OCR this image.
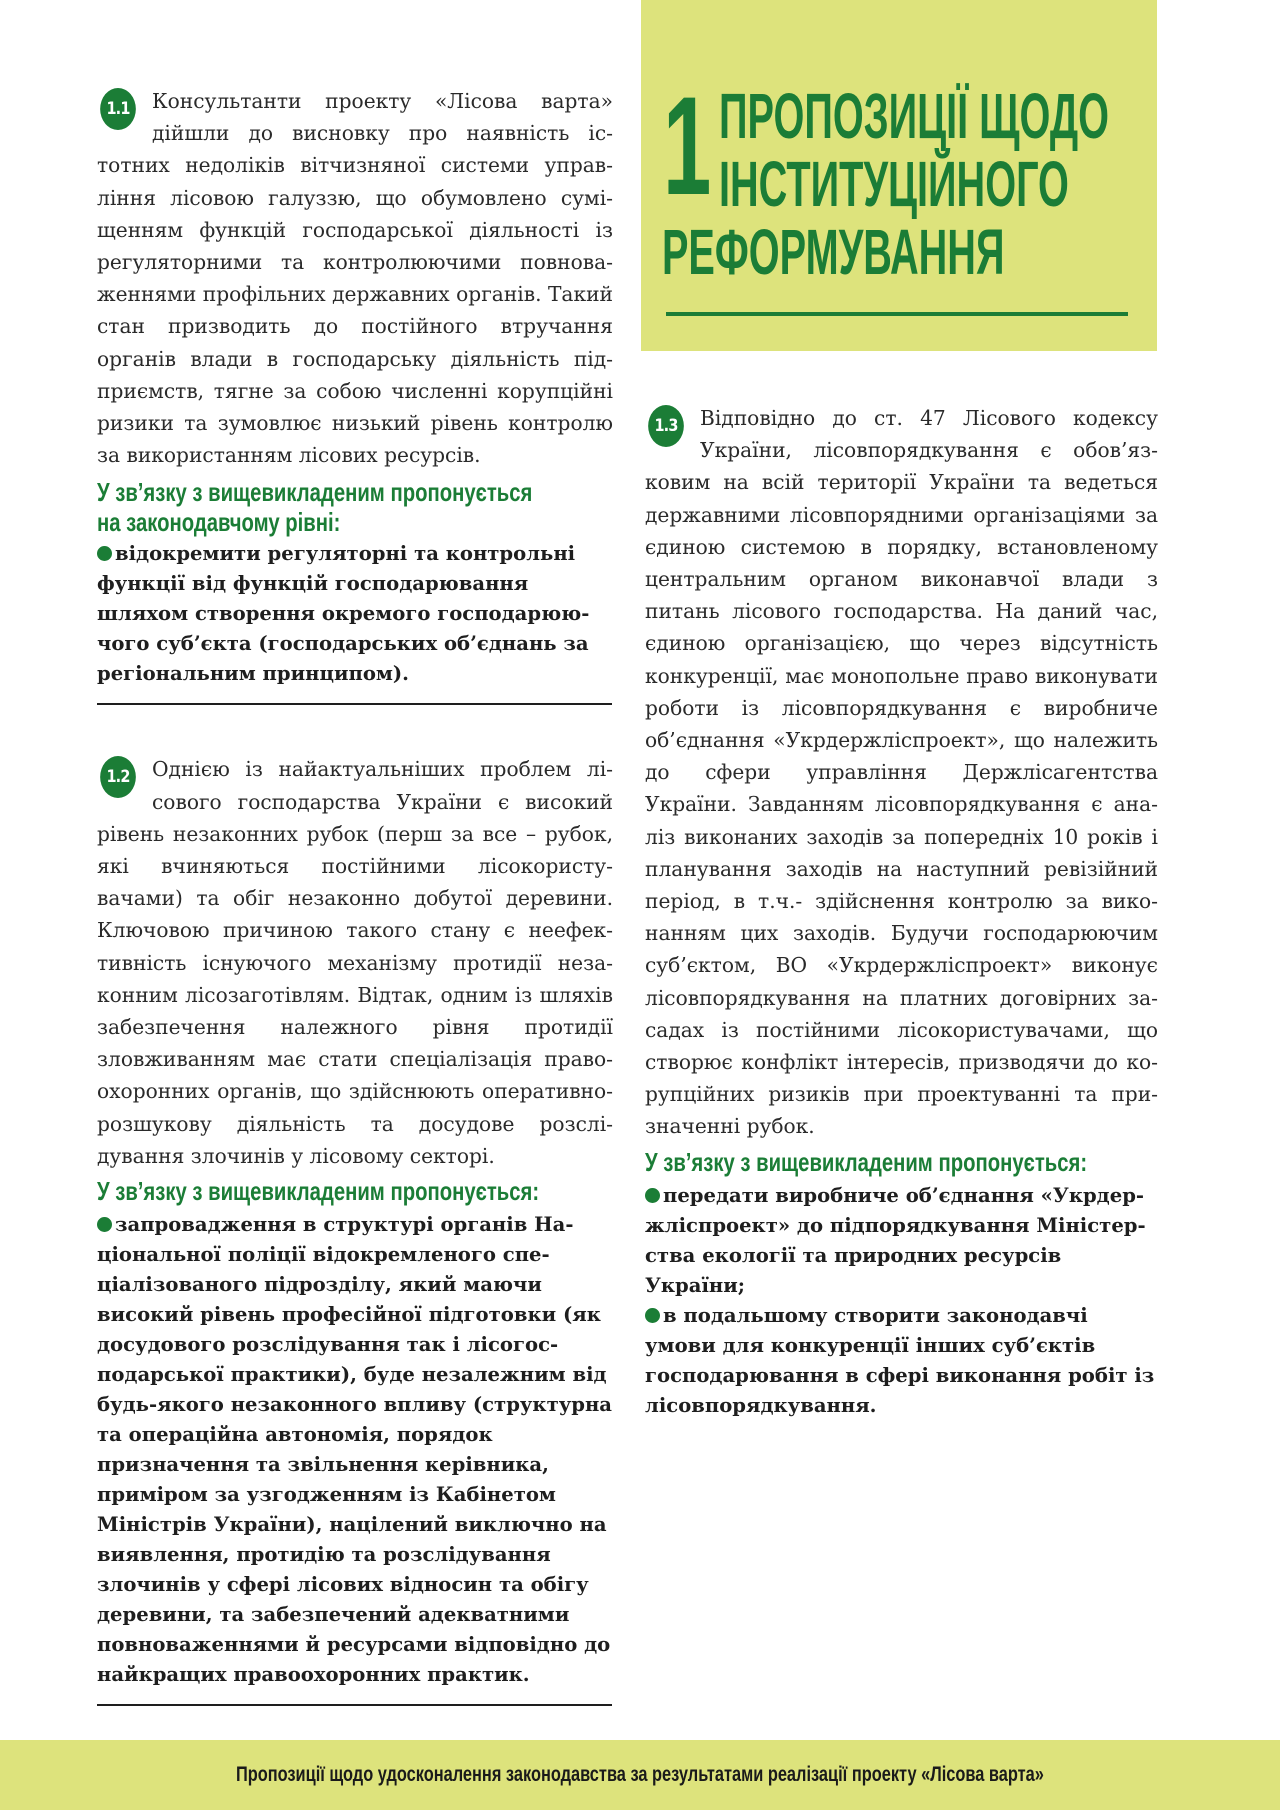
1 ПРОПОЗИЦІЇ ЩОДО
ІНСТИТУЦІЙНОГО
РЕФОРМУВАННЯ

1.1	Консультанти проекту «Лісова варта» дійшли до висновку про наявність істотних недоліків вітчизняної системи управління лісовою галуззю, що обумовлено суміщенням функцій господарської діяльності із регуляторними та контролюючими повноваженнями профільних державних органів. Такий стан призводить до постійного втручання органів влади в господарську діяльність підприємств, тягне за собою численні корупційні ризики та зумовлює низький рівень контролю за використанням лісових ресурсів.

У зв’язку з вищевикладеним пропонується
на законодавчому рівні:
відокремити регуляторні та контрольні функції від функцій господарювання шляхом створення окремого господарюючого суб’єкта (господарських об’єднань за регіональним принципом).

1.2	Однією із найактуальніших проблем лісового господарства України є високий рівень незаконних рубок (перш за все – рубок, які вчиняються постійними лісокористувачами) та обіг незаконно добутої деревини. Ключовою причиною такого стану є неефективність існуючого механізму протидії незаконним лісозаготівлям. Відтак, одним із шляхів забезпечення належного рівня протидії зловживанням має стати спеціалізація правоохоронних органів, що здійснюють оперативно-розшукову діяльність та досудове розслідування злочинів у лісовому секторі.

У зв’язку з вищевикладеним пропонується:
запровадження в структурі органів Національної поліції відокремленого спеціалізованого підрозділу, який маючи високий рівень професійної підготовки (як досудового розслідування так і лісогосподарської практики), буде незалежним від будь-якого незаконного впливу (структурна та операційна автономія, порядок призначення та звільнення керівника, приміром за узгодженням із Кабінетом Міністрів України), націлений виключно на виявлення, протидію та розслідування злочинів у сфері лісових відносин та обігу деревини, та забезпечений адекватними повноваженнями й ресурсами відповідно до найкращих правоохоронних практик.

1.3	Відповідно до ст. 47 Лісового кодексу України, лісовпорядкування є обов’язковим на всій території України та ведеться державними лісовпорядними організаціями за єдиною системою в порядку, встановленому центральним органом виконавчої влади з питань лісового господарства. На даний час, єдиною організацією, що через відсутність конкуренції, має монопольне право виконувати роботи із лісовпорядкування є виробниче об’єднання «Укрдержліспроект», що належить до сфери управління Держлісагентства України. Завданням лісовпорядкування є аналіз виконаних заходів за попередніх 10 років і планування заходів на наступний ревізійний період, в т.ч.- здійснення контролю за виконанням цих заходів. Будучи господарюючим суб’єктом, ВО «Укрдержліспроект» виконує лісовпорядкування на платних договірних засадах із постійними лісокористувачами, що створює конфлікт інтересів, призводячи до корупційних ризиків при проектуванні та призначенні рубок.

У зв’язку з вищевикладеним пропонується:
передати виробниче об’єднання «Укрдержліспроект» до підпорядкування Міністерства екології та природних ресурсів України;
в подальшому створити законодавчі умови для конкуренції інших суб’єктів господарювання в сфері виконання робіт із лісовпорядкування.
Пропозиції щодо удосконалення законодавства за результатами реалізації проекту «Лісова варта»
